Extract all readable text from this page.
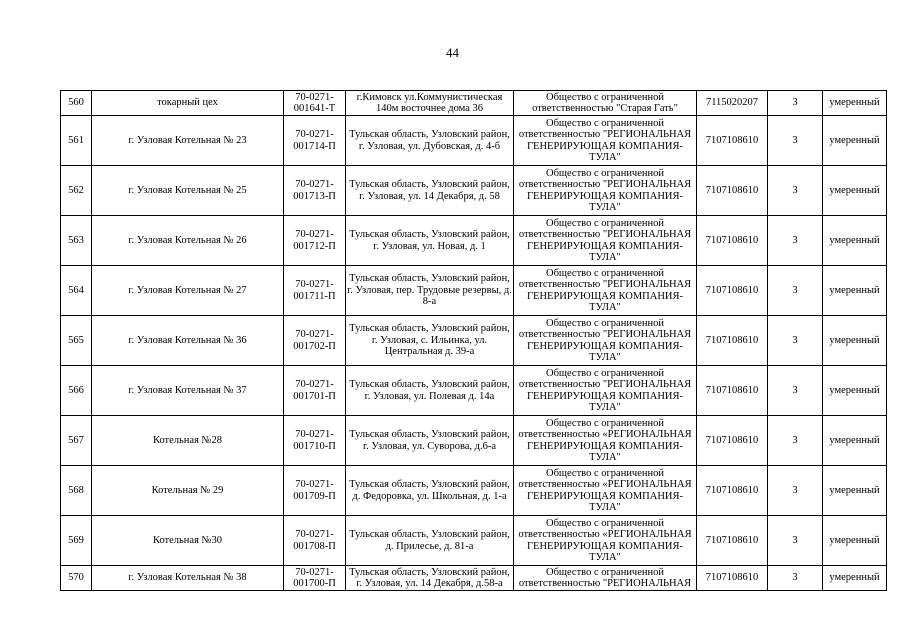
44
560	токарный цех	70-0271-001641-Т	г.Кимовск ул.Коммунистическая 140м восточнее дома 36	Общество с ограниченной ответственностью "Старая Гать"	7115020207	3	умеренный
561	г. Узловая Котельная № 23	70-0271-001714-П	Тульская область, Узловский район, г. Узловая, ул. Дубовская, д. 4-б	Общество с ограниченной ответственностью "РЕГИОНАЛЬНАЯ ГЕНЕРИРУЮЩАЯ КОМПАНИЯ-ТУЛА"	7107108610	3	умеренный
562	г. Узловая Котельная № 25	70-0271-001713-П	Тульская область, Узловский район, г. Узловая, ул. 14 Декабря, д. 58	Общество с ограниченной ответственностью "РЕГИОНАЛЬНАЯ ГЕНЕРИРУЮЩАЯ КОМПАНИЯ-ТУЛА"	7107108610	3	умеренный
563	г. Узловая Котельная № 26	70-0271-001712-П	Тульская область, Узловский район, г. Узловая, ул. Новая, д. 1	Общество с ограниченной ответственностью "РЕГИОНАЛЬНАЯ ГЕНЕРИРУЮЩАЯ КОМПАНИЯ-ТУЛА"	7107108610	3	умеренный
564	г. Узловая Котельная № 27	70-0271-001711-П	Тульская область, Узловский район, г. Узловая, пер. Трудовые резервы, д. 8-а	Общество с ограниченной ответственностью "РЕГИОНАЛЬНАЯ ГЕНЕРИРУЮЩАЯ КОМПАНИЯ-ТУЛА"	7107108610	3	умеренный
565	г. Узловая Котельная № 36	70-0271-001702-П	Тульская область, Узловский район, г. Узловая, с. Ильинка, ул. Центральная д. 39-а	Общество с ограниченной ответственностью "РЕГИОНАЛЬНАЯ ГЕНЕРИРУЮЩАЯ КОМПАНИЯ-ТУЛА"	7107108610	3	умеренный
566	г. Узловая Котельная № 37	70-0271-001701-П	Тульская область, Узловский район, г. Узловая, ул. Полевая д. 14а	Общество с ограниченной ответственностью "РЕГИОНАЛЬНАЯ ГЕНЕРИРУЮЩАЯ КОМПАНИЯ-ТУЛА"	7107108610	3	умеренный
567	Котельная №28	70-0271-001710-П	Тульская область, Узловский район, г. Узловая, ул. Суворова, д.6-а	Общество с ограниченной ответственностью «РЕГИОНАЛЬНАЯ ГЕНЕРИРУЮЩАЯ КОМПАНИЯ-ТУЛА"	7107108610	3	умеренный
568	Котельная № 29	70-0271-001709-П	Тульская область, Узловский район, д. Федоровка, ул. Школьная, д. 1-а	Общество с ограниченной ответственностью «РЕГИОНАЛЬНАЯ ГЕНЕРИРУЮЩАЯ КОМПАНИЯ-ТУЛА"	7107108610	3	умеренный
569	Котельная №30	70-0271-001708-П	Тульская область, Узловский район, д. Прилесье, д. 81-а	Общество с ограниченной ответственностью «РЕГИОНАЛЬНАЯ ГЕНЕРИРУЮЩАЯ КОМПАНИЯ-ТУЛА"	7107108610	3	умеренный
570	г. Узловая Котельная № 38	70-0271-001700-П	Тульская область, Узловский район, г. Узловая, ул. 14 Декабря, д.58-а	Общество с ограниченной ответственностью "РЕГИОНАЛЬНАЯ	7107108610	3	умеренный
